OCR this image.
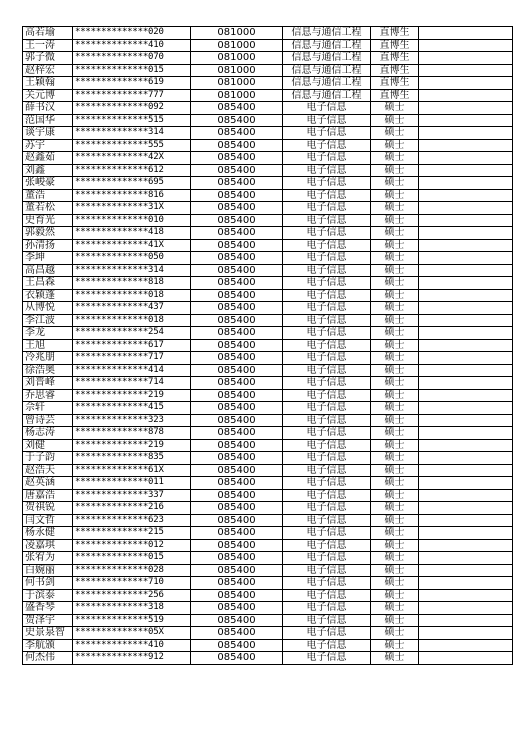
高若瑜	**************020	081000	信息与通信工程	直博生	
王一涛	**************410	081000	信息与通信工程	直博生	
郭子微	**************070	081000	信息与通信工程	直博生	
赵梓宏	**************015	081000	信息与通信工程	直博生	
王颖翰	**************619	081000	信息与通信工程	直博生	
关元博	**************777	081000	信息与通信工程	直博生	
薛书汉	**************092	085400	电子信息	硕士	
范国华	**************515	085400	电子信息	硕士	
谈宇康	**************314	085400	电子信息	硕士	
苏宇	**************555	085400	电子信息	硕士	
赵鑫茹	**************42X	085400	电子信息	硕士	
刘鑫	**************612	085400	电子信息	硕士	
张峻豪	**************695	085400	电子信息	硕士	
董浩	**************816	085400	电子信息	硕士	
董若松	**************31X	085400	电子信息	硕士	
史育光	**************010	085400	电子信息	硕士	
郭毅然	**************418	085400	电子信息	硕士	
孙清扬	**************41X	085400	电子信息	硕士	
李坤	**************050	085400	电子信息	硕士	
高昌越	**************314	085400	电子信息	硕士	
王昌森	**************818	085400	电子信息	硕士	
衣颖蓬	**************018	085400	电子信息	硕士	
从博悦	**************437	085400	电子信息	硕士	
李江波	**************018	085400	电子信息	硕士	
李龙	**************254	085400	电子信息	硕士	
王旭	**************617	085400	电子信息	硕士	
冷兆朋	**************717	085400	电子信息	硕士	
徐浩奥	**************414	085400	电子信息	硕士	
刘晋峰	**************714	085400	电子信息	硕士	
乔思睿	**************219	085400	电子信息	硕士	
佘轩	**************415	085400	电子信息	硕士	
曾诗芸	**************323	085400	电子信息	硕士	
杨志涛	**************878	085400	电子信息	硕士	
刘健	**************219	085400	电子信息	硕士	
于子韵	**************835	085400	电子信息	硕士	
赵浩天	**************61X	085400	电子信息	硕士	
赵英涵	**************011	085400	电子信息	硕士	
唐嘉浩	**************337	085400	电子信息	硕士	
贺祺锐	**************216	085400	电子信息	硕士	
闫文哲	**************623	085400	电子信息	硕士	
杨永健	**************215	085400	电子信息	硕士	
凌嘉琪	**************012	085400	电子信息	硕士	
张宥为	**************015	085400	电子信息	硕士	
白婉丽	**************028	085400	电子信息	硕士	
何书剑	**************710	085400	电子信息	硕士	
于滨泰	**************256	085400	电子信息	硕士	
盛香琴	**************318	085400	电子信息	硕士	
贺泽宇	**************519	085400	电子信息	硕士	
史景泉智	**************05X	085400	电子信息	硕士	
李航颁	**************410	085400	电子信息	硕士	
何杰伟	**************912	085400	电子信息	硕士	
